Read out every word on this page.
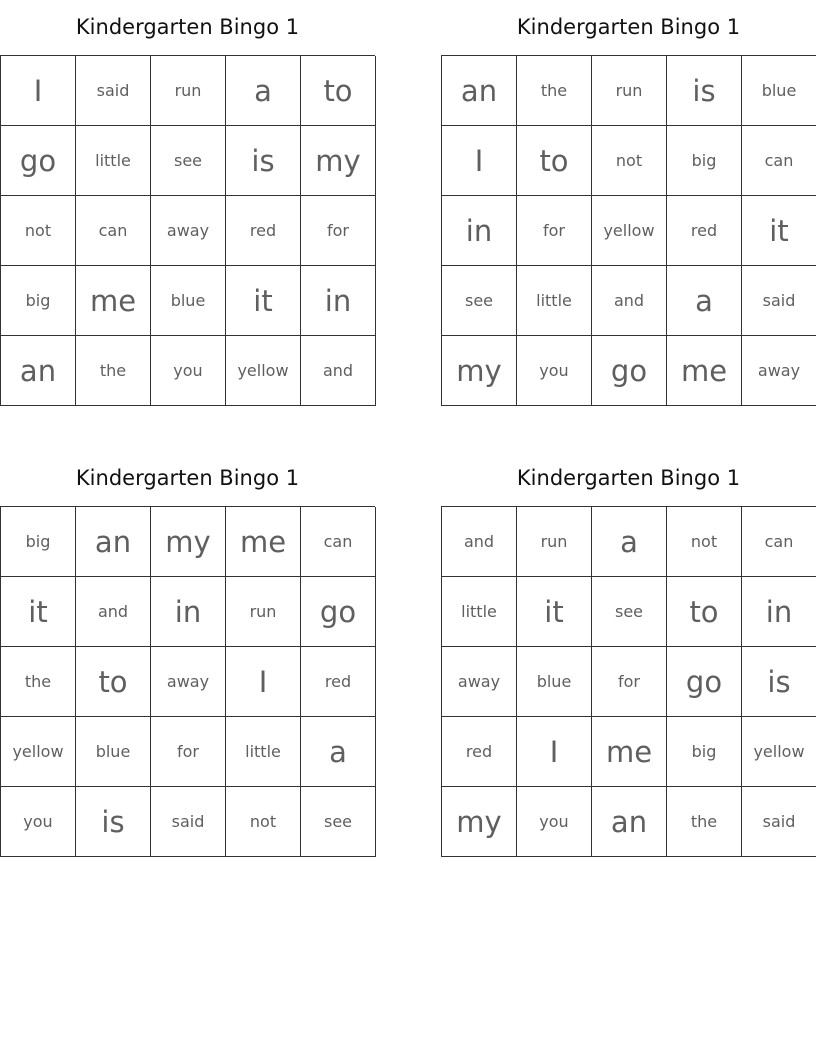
Kindergarten Bingo 1
I	said	run	a	to
go	little	see	is	my
not	can	away	red	for
big	me	blue	it	in
an	the	you	yellow	and
Kindergarten Bingo 1
an	the	run	is	blue
I	to	not	big	can
in	for	yellow	red	it
see	little	and	a	said
my	you	go	me	away
Kindergarten Bingo 1
big	an	my	me	can
it	and	in	run	go
the	to	away	I	red
yellow	blue	for	little	a
you	is	said	not	see
Kindergarten Bingo 1
and	run	a	not	can
little	it	see	to	in
away	blue	for	go	is
red	I	me	big	yellow
my	you	an	the	said
